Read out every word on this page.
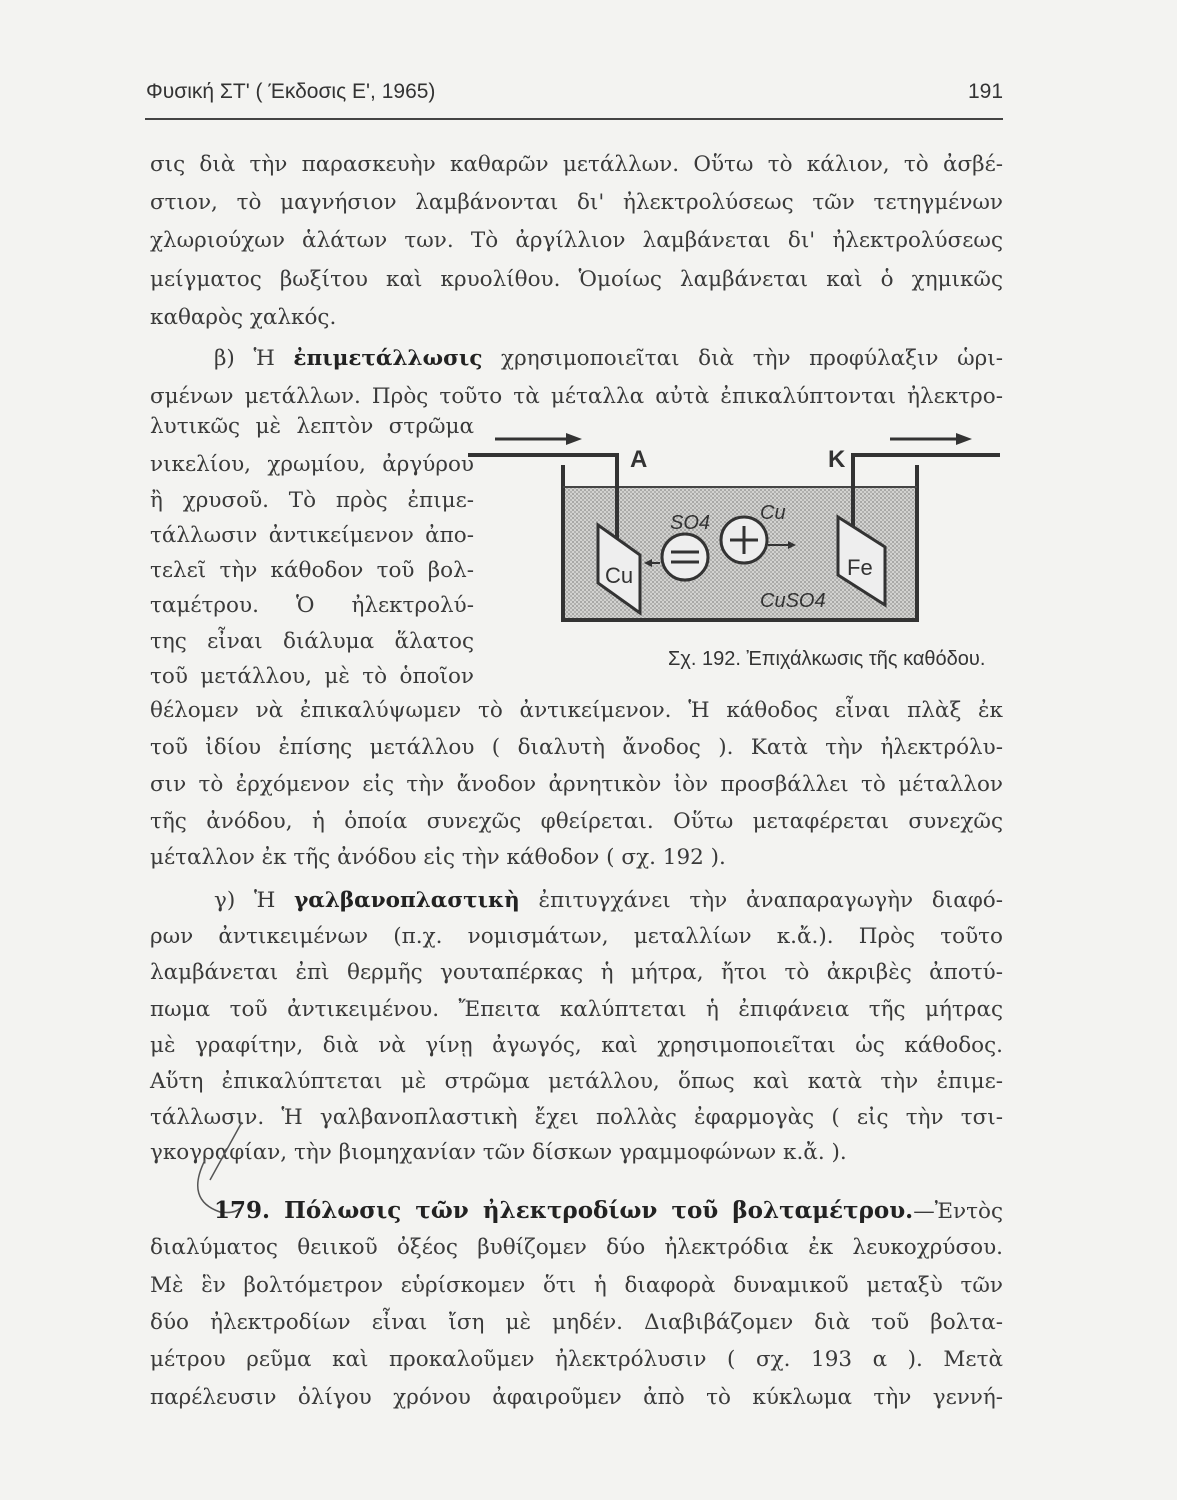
Φυσική ΣΤ' ( Έκδοσις Ε', 1965)	191
σις διὰ τὴν παρασκευὴν καθαρῶν μετάλλων. Οὕτω τὸ κάλιον, τὸ ἀσβέ-
στιον, τὸ μαγνήσιον λαμβάνονται δι' ἠλεκτρολύσεως τῶν τετηγμένων
χλωριούχων ἁλάτων των. Τὸ ἀργίλλιον λαμβάνεται δι' ἠλεκτρολύσεως
μείγματος βωξίτου καὶ κρυολίθου. Ὁμοίως λαμβάνεται καὶ ὁ χημικῶς
καθαρὸς χαλκός.
β) Ἡ ἐπιμετάλλωσις χρησιμοποιεῖται διὰ τὴν προφύλαξιν ὡρι-
σμένων μετάλλων. Πρὸς τοῦτο τὰ μέταλλα αὐτὰ ἐπικαλύπτονται ἠλεκτρο-
λυτικῶς μὲ λεπτὸν στρῶμα
νικελίου, χρωμίου, ἀργύρου
ἢ χρυσοῦ. Τὸ πρὸς ἐπιμε-
τάλλωσιν ἀντικείμενον ἀπο-
τελεῖ τὴν κάθοδον τοῦ βολ-
ταμέτρου. Ὁ ἠλεκτρολύ-
της εἶναι διάλυμα ἅλατος
τοῦ μετάλλου, μὲ τὸ ὁποῖον
θέλομεν νὰ ἐπικαλύψωμεν τὸ ἀντικείμενον. Ἡ κάθοδος εἶναι πλὰξ ἐκ
τοῦ ἰδίου ἐπίσης μετάλλου ( διαλυτὴ ἄνοδος ). Κατὰ τὴν ἠλεκτρόλυ-
σιν τὸ ἐρχόμενον εἰς τὴν ἄνοδον ἀρνητικὸν ἰὸν προσβάλλει τὸ μέταλλον
τῆς ἀνόδου, ἡ ὁποία συνεχῶς φθείρεται. Οὕτω μεταφέρεται συνεχῶς
μέταλλον ἐκ τῆς ἀνόδου εἰς τὴν κάθοδον ( σχ. 192 ).
A	K
Cu	Fe
SO4 Cu
CuSO4
Σχ. 192. Ἐπιχάλκωσις τῆς καθόδου.
γ) Ἡ γαλβανοπλαστικὴ ἐπιτυγχάνει τὴν ἀναπαραγωγὴν διαφό-
ρων ἀντικειμένων (π.χ. νομισμάτων, μεταλλίων κ.ἄ.). Πρὸς τοῦτο
λαμβάνεται ἐπὶ θερμῆς γουταπέρκας ἡ μήτρα, ἤτοι τὸ ἀκριβὲς ἀποτύ-
πωμα τοῦ ἀντικειμένου. Ἔπειτα καλύπτεται ἡ ἐπιφάνεια τῆς μήτρας
μὲ γραφίτην, διὰ νὰ γίνῃ ἀγωγός, καὶ χρησιμοποιεῖται ὡς κάθοδος.
Αὕτη ἐπικαλύπτεται μὲ στρῶμα μετάλλου, ὅπως καὶ κατὰ τὴν ἐπιμε-
τάλλωσιν. Ἡ γαλβανοπλαστικὴ ἔχει πολλὰς ἐφαρμογὰς ( εἰς τὴν τσι-
γκογραφίαν, τὴν βιομηχανίαν τῶν δίσκων γραμμοφώνων κ.ἄ. ).
179. Πόλωσις τῶν ἠλεκτροδίων τοῦ βολταμέτρου.—Ἐντὸς
διαλύματος θειικοῦ ὀξέος βυθίζομεν δύο ἠλεκτρόδια ἐκ λευκοχρύσου.
Μὲ ἓν βολτόμετρον εὑρίσκομεν ὅτι ἡ διαφορὰ δυναμικοῦ μεταξὺ τῶν
δύο ἠλεκτροδίων εἶναι ἴση μὲ μηδέν. Διαβιβάζομεν διὰ τοῦ βολτα-
μέτρου ρεῦμα καὶ προκαλοῦμεν ἠλεκτρόλυσιν ( σχ. 193 α ). Μετὰ
παρέλευσιν ὀλίγου χρόνου ἀφαιροῦμεν ἀπὸ τὸ κύκλωμα τὴν γεννή-
